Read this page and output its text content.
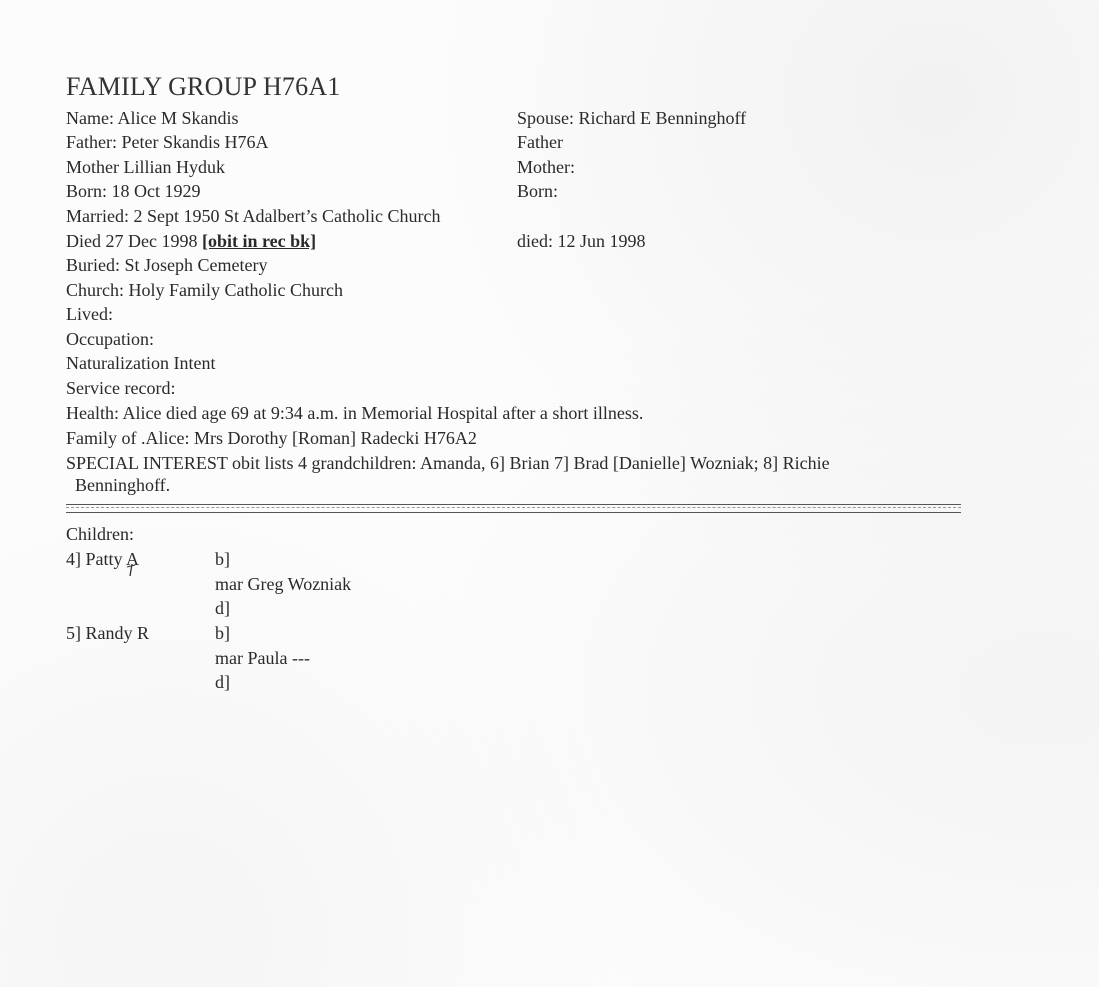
FAMILY GROUP H76A1
Name: Alice M Skandis
Father: Peter Skandis H76A
Mother Lillian Hyduk
Born: 18 Oct 1929
Married: 2 Sept 1950 St Adalbert’s Catholic Church
Died 27 Dec 1998 [obit in rec bk]
Buried: St Joseph Cemetery
Church: Holy Family Catholic Church
Lived:
Occupation:
Naturalization Intent
Service record:
Health: Alice died age 69 at 9:34 a.m. in Memorial Hospital after a short illness.
Family of .Alice: Mrs Dorothy [Roman] Radecki H76A2
SPECIAL INTEREST obit lists 4 grandchildren: Amanda, 6] Brian 7] Brad [Danielle] Wozniak; 8] Richie
Benninghoff.
Spouse: Richard E Benninghoff
Father
Mother:
Born:
died: 12 Jun 1998
Children:
4] Patty A	b]
mar Greg Wozniak
d]
5] Randy R	b]
mar Paula ---
d]
